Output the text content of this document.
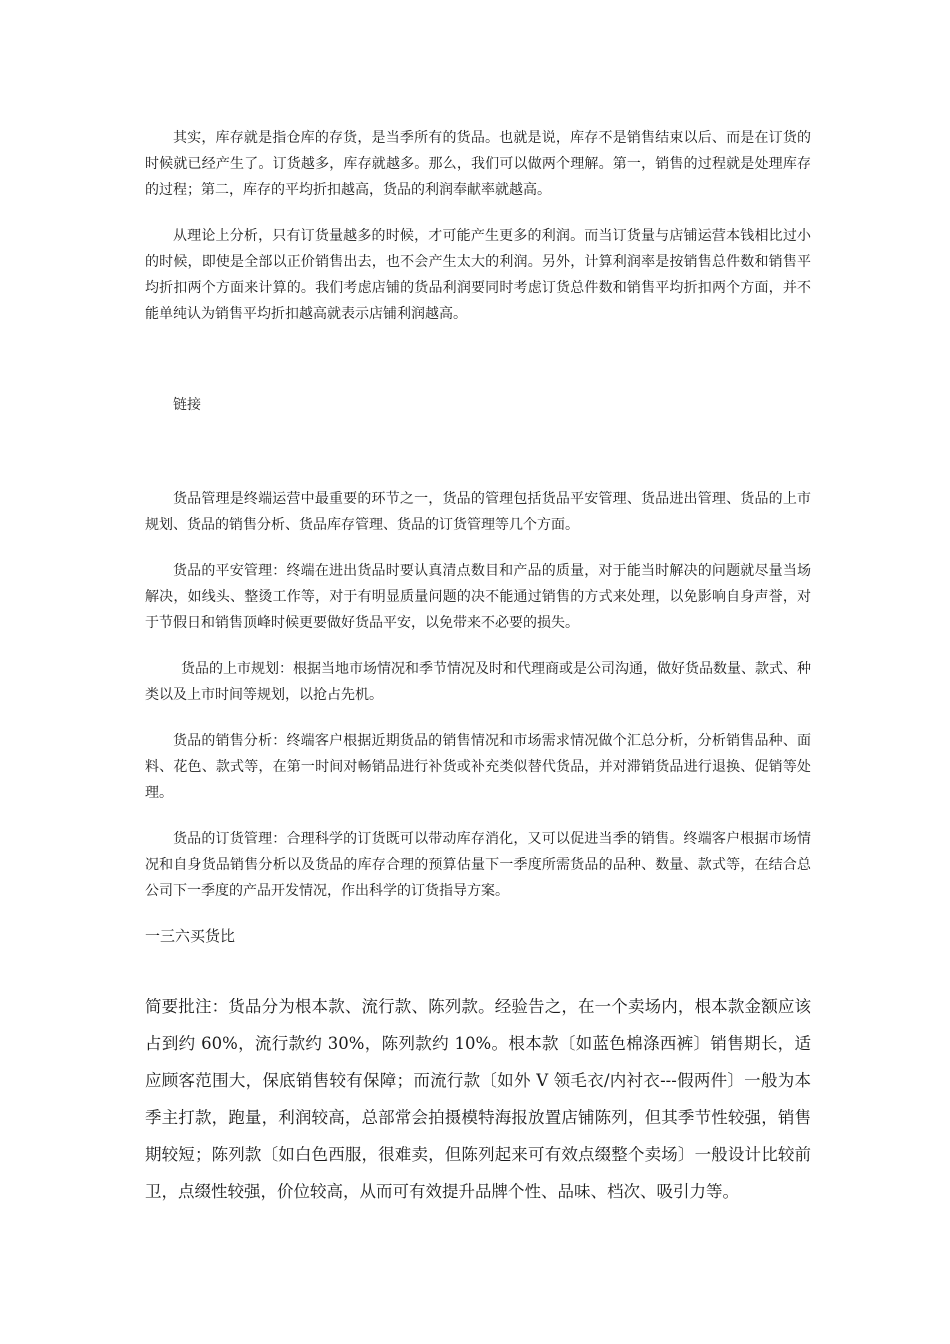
其实，库存就是指仓库的存货，是当季所有的货品。也就是说，库存不是销售结束以后、而是在订货的时候就已经产生了。订货越多，库存就越多。那么，我们可以做两个理解。第一，销售的过程就是处理库存的过程；第二，库存的平均折扣越高，货品的利润奉献率就越高。

从理论上分析，只有订货量越多的时候，才可能产生更多的利润。而当订货量与店铺运营本钱相比过小的时候，即使是全部以正价销售出去，也不会产生太大的利润。另外，计算利润率是按销售总件数和销售平均折扣两个方面来计算的。我们考虑店铺的货品利润要同时考虑订货总件数和销售平均折扣两个方面，并不能单纯认为销售平均折扣越高就表示店铺利润越高。

链接

货品管理是终端运营中最重要的环节之一，货品的管理包括货品平安管理、货品进出管理、货品的上市规划、货品的销售分析、货品库存管理、货品的订货管理等几个方面。

货品的平安管理：终端在进出货品时要认真清点数目和产品的质量，对于能当时解决的问题就尽量当场解决，如线头、整烫工作等，对于有明显质量问题的决不能通过销售的方式来处理，以免影响自身声誉，对于节假日和销售顶峰时候更要做好货品平安，以免带来不必要的损失。

货品的上市规划：根据当地市场情况和季节情况及时和代理商或是公司沟通，做好货品数量、款式、种类以及上市时间等规划，以抢占先机。

货品的销售分析：终端客户根据近期货品的销售情况和市场需求情况做个汇总分析，分析销售品种、面料、花色、款式等，在第一时间对畅销品进行补货或补充类似替代货品，并对滞销货品进行退换、促销等处理。

货品的订货管理：合理科学的订货既可以带动库存消化，又可以促进当季的销售。终端客户根据市场情况和自身货品销售分析以及货品的库存合理的预算估量下一季度所需货品的品种、数量、款式等，在结合总公司下一季度的产品开发情况，作出科学的订货指导方案。

一三六买货比

简要批注：货品分为根本款、流行款、陈列款。经验告之，在一个卖场内，根本款金额应该占到约 60%，流行款约 30%，陈列款约 10%。根本款〔如蓝色棉涤西裤〕销售期长，适应顾客范围大，保底销售较有保障；而流行款〔如外 V 领毛衣/内衬衣---假两件〕一般为本季主打款，跑量，利润较高，总部常会拍摄模特海报放置店铺陈列，但其季节性较强，销售期较短；陈列款〔如白色西服，很难卖，但陈列起来可有效点缀整个卖场〕一般设计比较前卫，点缀性较强，价位较高，从而可有效提升品牌个性、品味、档次、吸引力等。
